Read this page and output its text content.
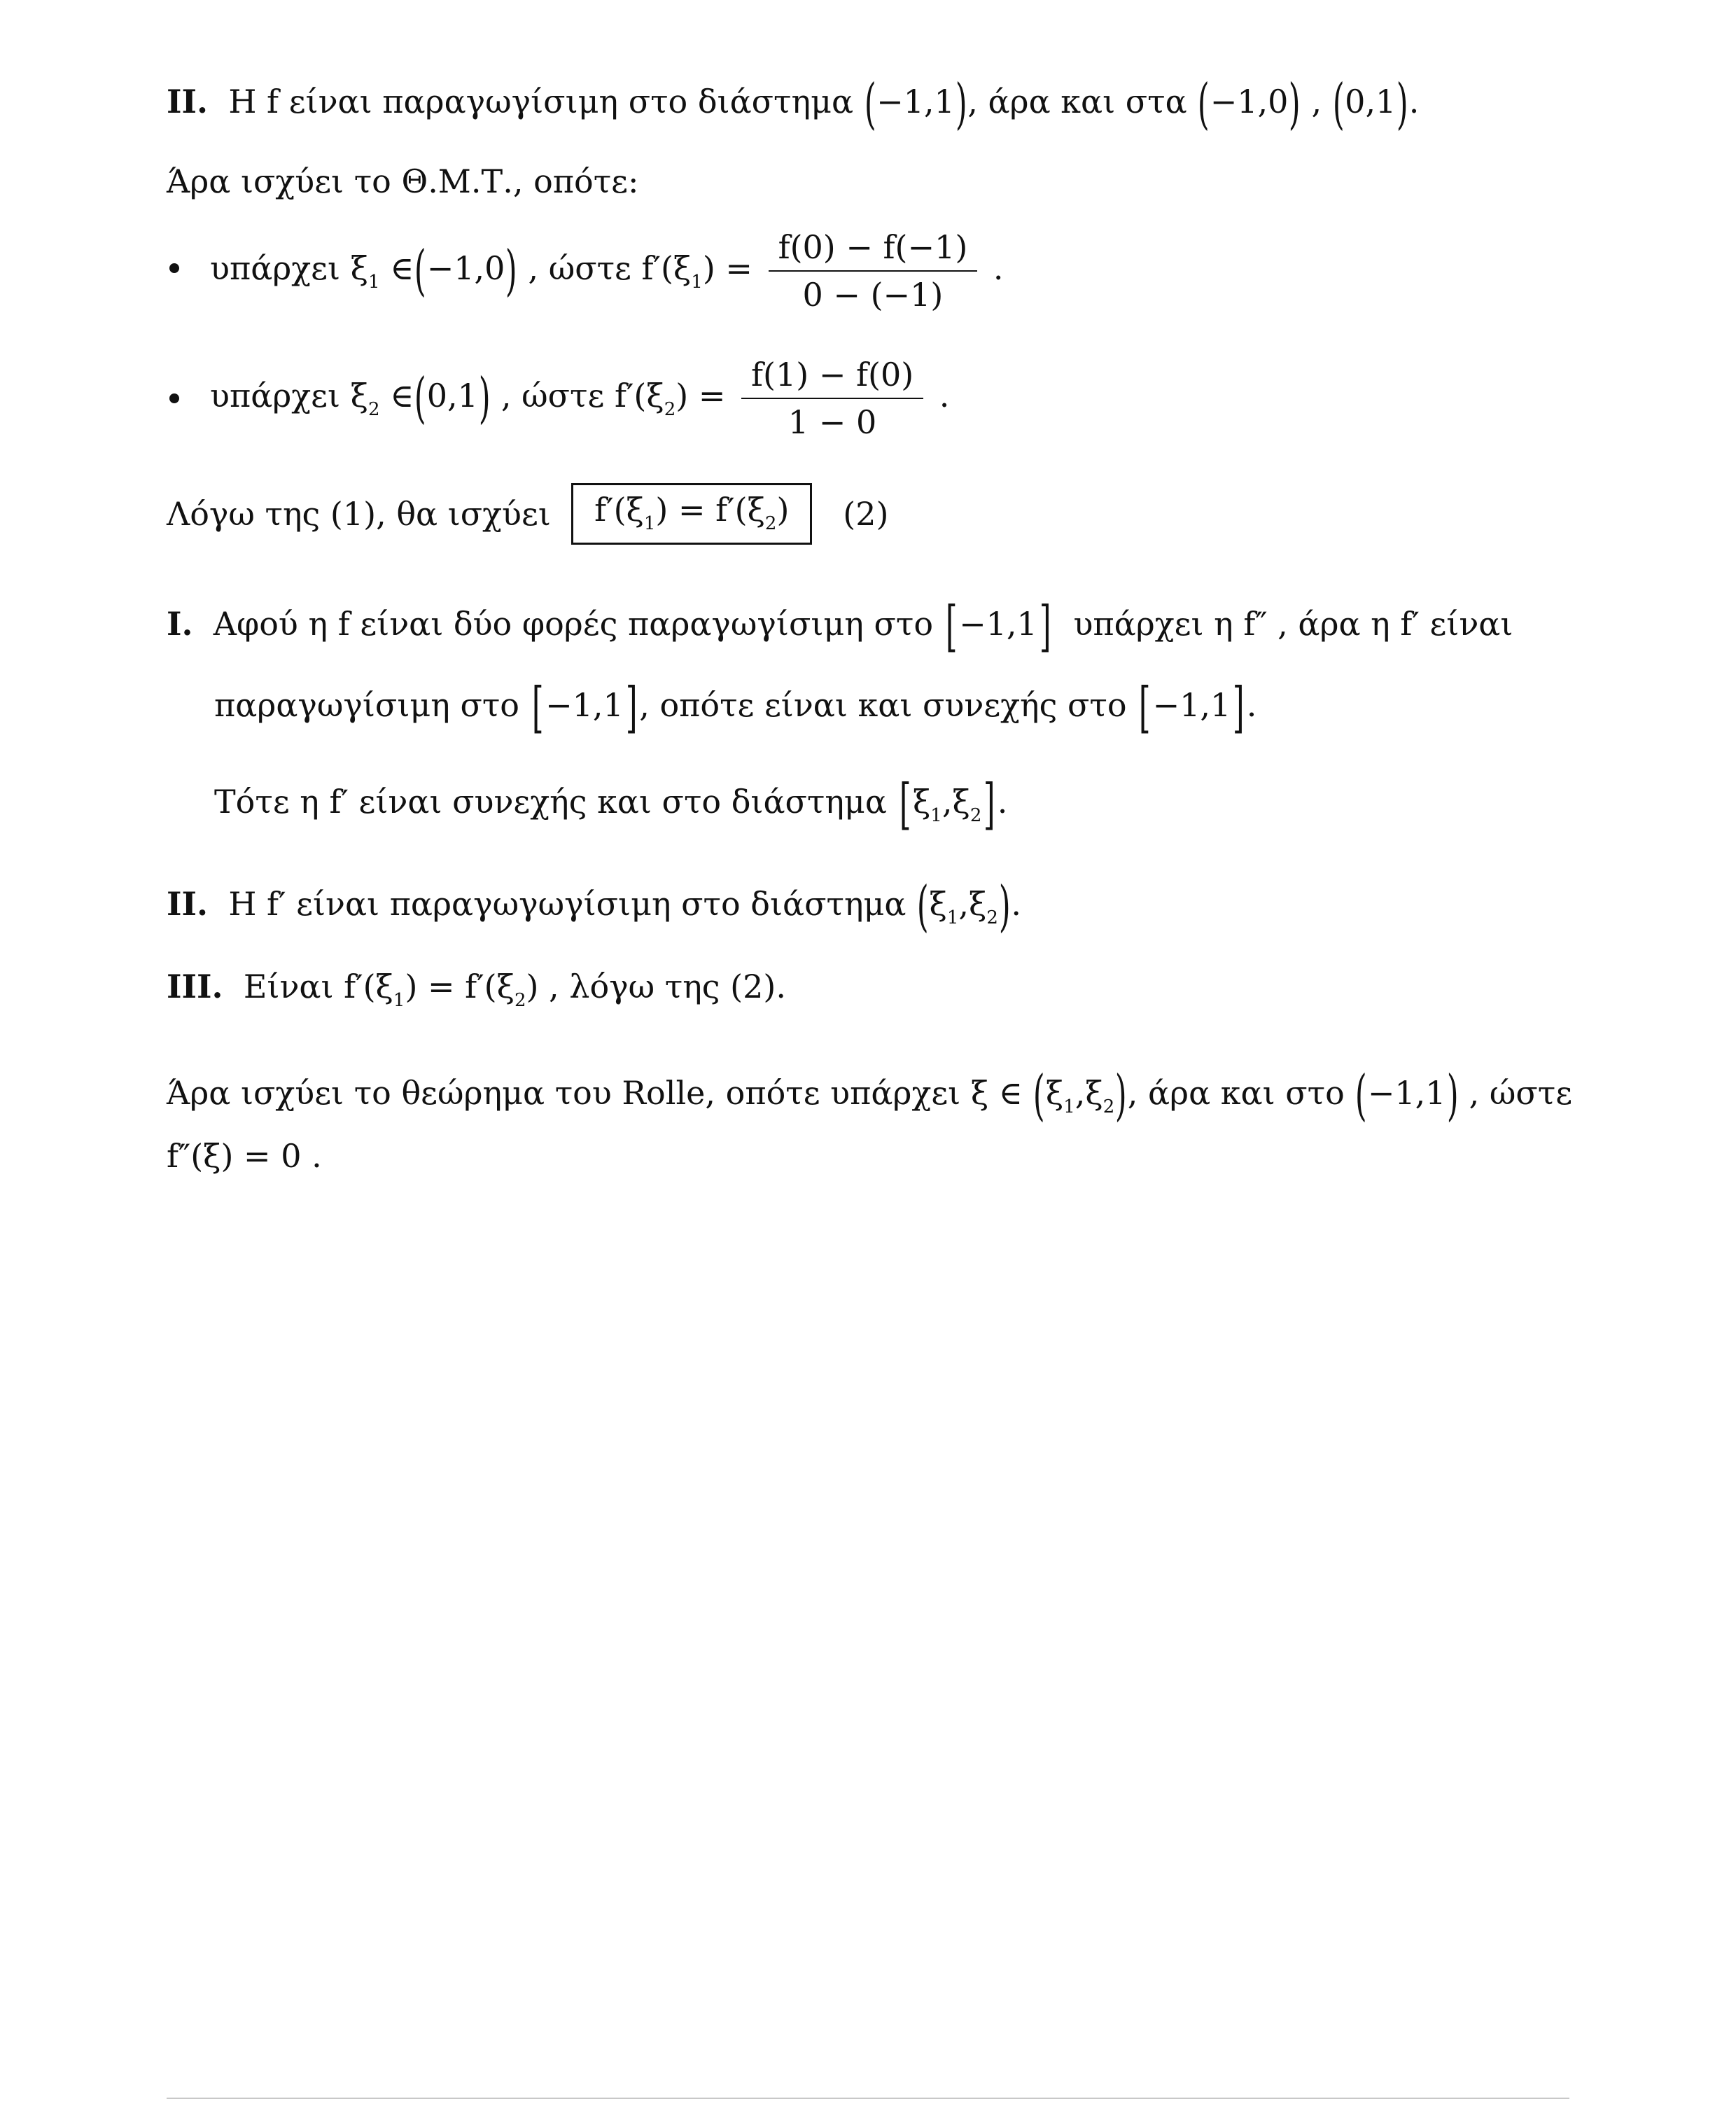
II. Η f είναι παραγωγίσιμη στο διάστημα (−1,1), άρα και στα (−1,0) , (0,1).
Άρα ισχύει το Θ.Μ.Τ., οπότε:
υπάρχει $\xi_1$ ∈(−1,0) , ώστε $f'(\xi_1) = \frac{f(0) - f(-1)}{0 - (-1)}$ .
υπάρχει $\xi_2$ ∈(0,1) , ώστε $f'(\xi_2) = \frac{f(1) - f(0)}{1 - 0}$ .
Λόγω της (1), θα ισχύει $f'(\xi_1) = f'(\xi_2)$ (2)
I. Αφού η f είναι δύο φορές παραγωγίσιμη στο [−1,1] υπάρχει η f″ , άρα η f′ είναι
παραγωγίσιμη στο [−1,1], οπότε είναι και συνεχής στο [−1,1].
Τότε η f′ είναι συνεχής και στο διάστημα $[\xi_1,\xi_2]$.
II. Η f′ είναι παραγωγωγίσιμη στο διάστημα $(\xi_1,\xi_2)$.
III. Είναι $f'(\xi_1) = f'(\xi_2)$ , λόγω της (2).
Άρα ισχύει το θεώρημα του Rolle, οπότε υπάρχει ξ ∈ $(\xi_1,\xi_2)$, άρα και στο (−1,1) , ώστε
f″(ξ) = 0 .
